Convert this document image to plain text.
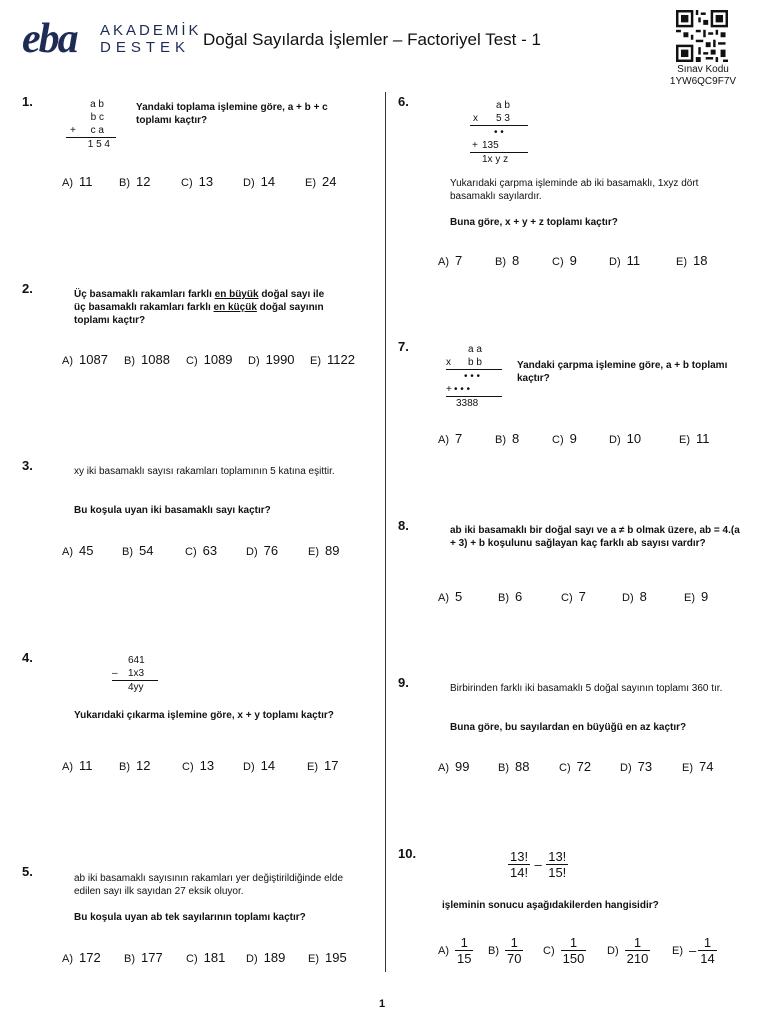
eba AKADEMİK
DESTEK Doğal Sayılarda İşlemler – Factoriyel Test - 1
Sınav Kodu
1YW6QC9F7V
1.	a b
b c
+ c a
1 5 4
Yandaki toplama işlemine göre, a + b + c toplamı kaçtır?
A) 11 B) 12	C) 13	D) 14	E) 24
2.	Üç basamaklı rakamları farklı en büyük doğal sayı ile
üç basamaklı rakamları farklı en küçük doğal sayının
toplamı kaçtır?
A) 1087 B) 1088 C) 1089 D) 1990 E) 1122
3.	xy iki basamaklı sayısı rakamları toplamının 5 katına eşittir.
Bu koşula uyan iki basamaklı sayı kaçtır?
A) 45	B) 54	C) 63	D) 76	E) 89
4.	641
– 1x3
4yy
Yukarıdaki çıkarma işlemine göre, x + y toplamı kaçtır?
A) 11 B) 12	C) 13	D) 14	E) 17
5.	ab iki basamaklı sayısının rakamları yer değiştirildiğinde elde edilen sayı ilk sayıdan 27 eksik oluyor.
Bu koşula uyan ab tek sayılarının toplamı kaçtır?
A) 172 B) 177 C) 181 D) 189 E) 195
6.	a b
x 5 3
• •
+ 135
1x y z
Yukarıdaki çarpma işleminde ab iki basamaklı, 1xyz dört basamaklı sayılardır.
Buna göre, x + y + z toplamı kaçtır?
A) 7	B) 8	C) 9	D) 11	E) 18
7.	a a
x b b
• • •
+ • • •
3388
Yandaki çarpma işlemine göre, a + b toplamı kaçtır?
A) 7	B) 8	C) 9	D) 10	E) 11
8.	ab iki basamaklı bir doğal sayı ve a ≠ b olmak üzere, ab = 4.(a + 3) + b koşulunu sağlayan kaç farklı ab sayısı vardır?
A) 5	B) 6	C) 7	D) 8	E) 9
9.	Birbirinden farklı iki basamaklı 5 doğal sayının toplamı 360 tır.
Buna göre, bu sayılardan en büyüğü en az kaçtır?
A) 99	B) 88	C) 72	D) 73	E) 74
10.	$\frac{13!}{14!} - \frac{13!}{15!}$
işleminin sonucu aşağıdakilerden hangisidir?
$A) \frac{1}{15} B) \frac{1}{70} C) \frac{1}{150} D) \frac{1}{210} E) - \frac{1}{14}$
1
